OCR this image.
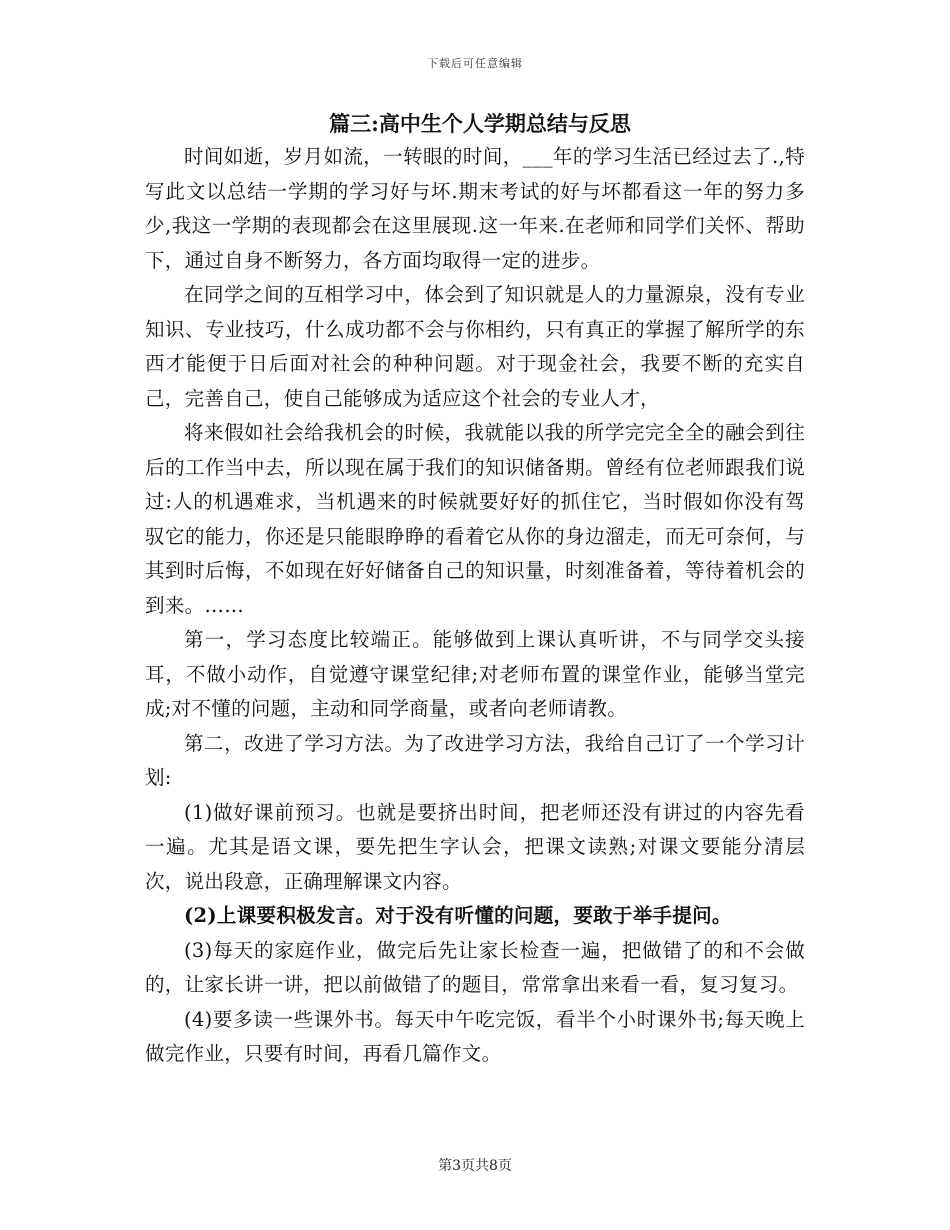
下载后可任意编辑
篇三:高中生个人学期总结与反思

时间如逝，岁月如流，一转眼的时间，___年的学习生活已经过去了.,特写此文以总结一学期的学习好与坏.期末考试的好与坏都看这一年的努力多少,我这一学期的表现都会在这里展现.这一年来.在老师和同学们关怀、帮助下，通过自身不断努力，各方面均取得一定的进步。

在同学之间的互相学习中，体会到了知识就是人的力量源泉，没有专业知识、专业技巧，什么成功都不会与你相约，只有真正的掌握了解所学的东西才能便于日后面对社会的种种问题。对于现金社会，我要不断的充实自己，完善自己，使自己能够成为适应这个社会的专业人才，

将来假如社会给我机会的时候，我就能以我的所学完完全全的融会到往后的工作当中去，所以现在属于我们的知识储备期。曾经有位老师跟我们说过:人的机遇难求，当机遇来的时候就要好好的抓住它，当时假如你没有驾驭它的能力，你还是只能眼睁睁的看着它从你的身边溜走，而无可奈何，与其到时后悔，不如现在好好储备自己的知识量，时刻准备着，等待着机会的到来。……

第一，学习态度比较端正。能够做到上课认真听讲，不与同学交头接耳，不做小动作，自觉遵守课堂纪律;对老师布置的课堂作业，能够当堂完成;对不懂的问题，主动和同学商量，或者向老师请教。

第二，改进了学习方法。为了改进学习方法，我给自己订了一个学习计划:

(1)做好课前预习。也就是要挤出时间，把老师还没有讲过的内容先看一遍。尤其是语文课，要先把生字认会，把课文读熟;对课文要能分清层次，说出段意，正确理解课文内容。

(2)上课要积极发言。对于没有听懂的问题，要敢于举手提问。

(3)每天的家庭作业，做完后先让家长检查一遍，把做错了的和不会做的，让家长讲一讲，把以前做错了的题目，常常拿出来看一看，复习复习。

(4)要多读一些课外书。每天中午吃完饭，看半个小时课外书;每天晚上做完作业，只要有时间，再看几篇作文。

第3页共8页
